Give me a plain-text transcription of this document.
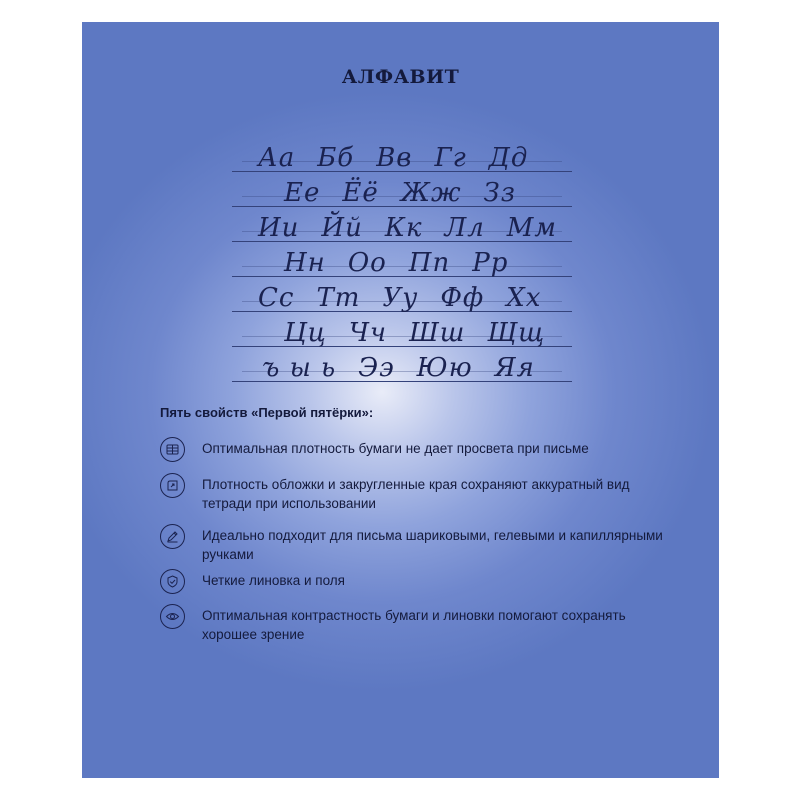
АЛФАВИТ
Аа Бб Вв Гг Дд
Ее Ёё Жж Зз
Ии Йй Кк Лл Мм
Нн Оо Пп Рр
Сс Тт Уу Фф Хх
Цц Чч Шш Щщ
ъ ы ь Ээ Юю Яя
Пять свойств «Первой пятёрки»:
Оптимальная плотность бумаги не дает просвета при письме
Плотность обложки и закругленные края сохраняют аккуратный вид тетради при использовании
Идеально подходит для письма шариковыми, гелевыми и капиллярными ручками
Четкие линовка и поля
Оптимальная контрастность бумаги и линовки помогают сохранять хорошее зрение
